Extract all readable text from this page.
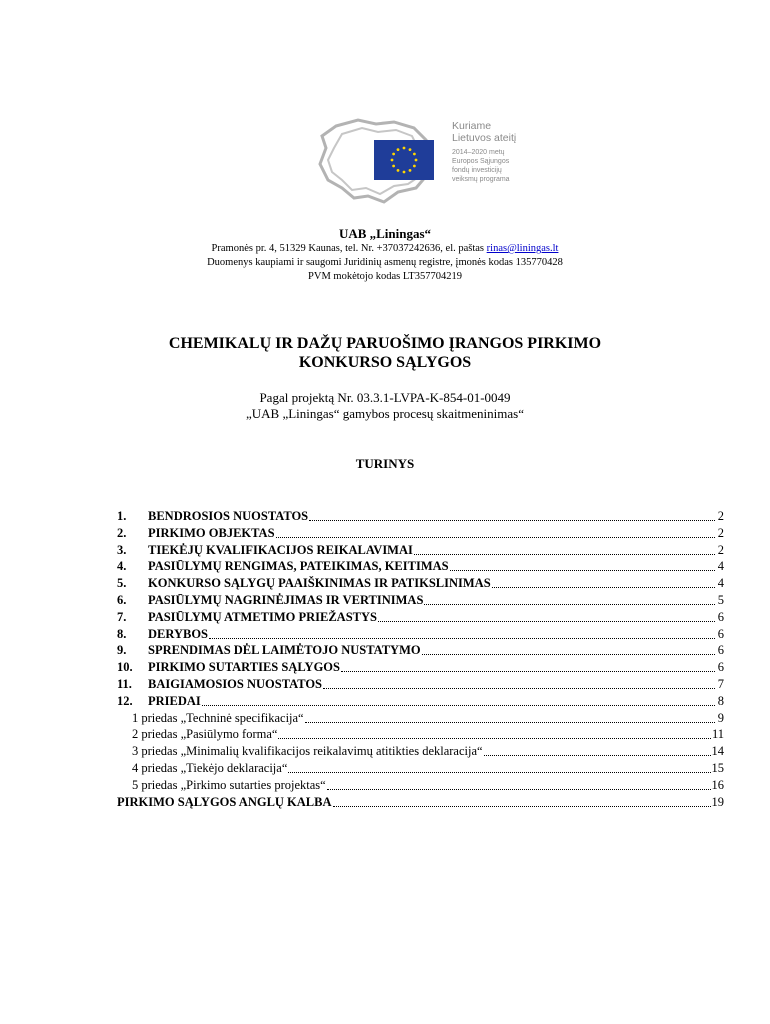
Kuriame
Lietuvos ateitį
2014–2020 metų
Europos Sąjungos
fondų investicijų
veiksmų programa
UAB „Liningas“
Pramonės pr. 4, 51329 Kaunas, tel. Nr. +37037242636, el. paštas rinas@liningas.lt
Duomenys kaupiami ir saugomi Juridinių asmenų registre, įmonės kodas 135770428
PVM mokėtojo kodas LT357704219
CHEMIKALŲ IR DAŽŲ PARUOŠIMO ĮRANGOS PIRKIMO
KONKURSO SĄLYGOS
Pagal projektą Nr. 03.3.1-LVPA-K-854-01-0049
„UAB „Liningas“ gamybos procesų skaitmeninimas“
TURINYS
1.	BENDROSIOS NUOSTATOS	2
2.	PIRKIMO OBJEKTAS	2
3.	TIEKĖJŲ KVALIFIKACIJOS REIKALAVIMAI	2
4.	PASIŪLYMŲ RENGIMAS, PATEIKIMAS, KEITIMAS	4
5.	KONKURSO SĄLYGŲ PAAIŠKINIMAS IR PATIKSLINIMAS	4
6.	PASIŪLYMŲ NAGRINĖJIMAS IR VERTINIMAS	5
7.	PASIŪLYMŲ ATMETIMO PRIEŽASTYS	6
8.	DERYBOS	6
9.	SPRENDIMAS DĖL LAIMĖTOJO NUSTATYMO	6
10.	PIRKIMO SUTARTIES SĄLYGOS	6
11.	BAIGIAMOSIOS NUOSTATOS	7
12.	PRIEDAI	8
1 priedas „Techninė specifikacija“	9
2 priedas „Pasiūlymo forma“	11
3 priedas „Minimalių kvalifikacijos reikalavimų atitikties deklaracija“	14
4 priedas „Tiekėjo deklaracija“	15
5 priedas „Pirkimo sutarties projektas“	16
PIRKIMO SĄLYGOS ANGLŲ KALBA	19
